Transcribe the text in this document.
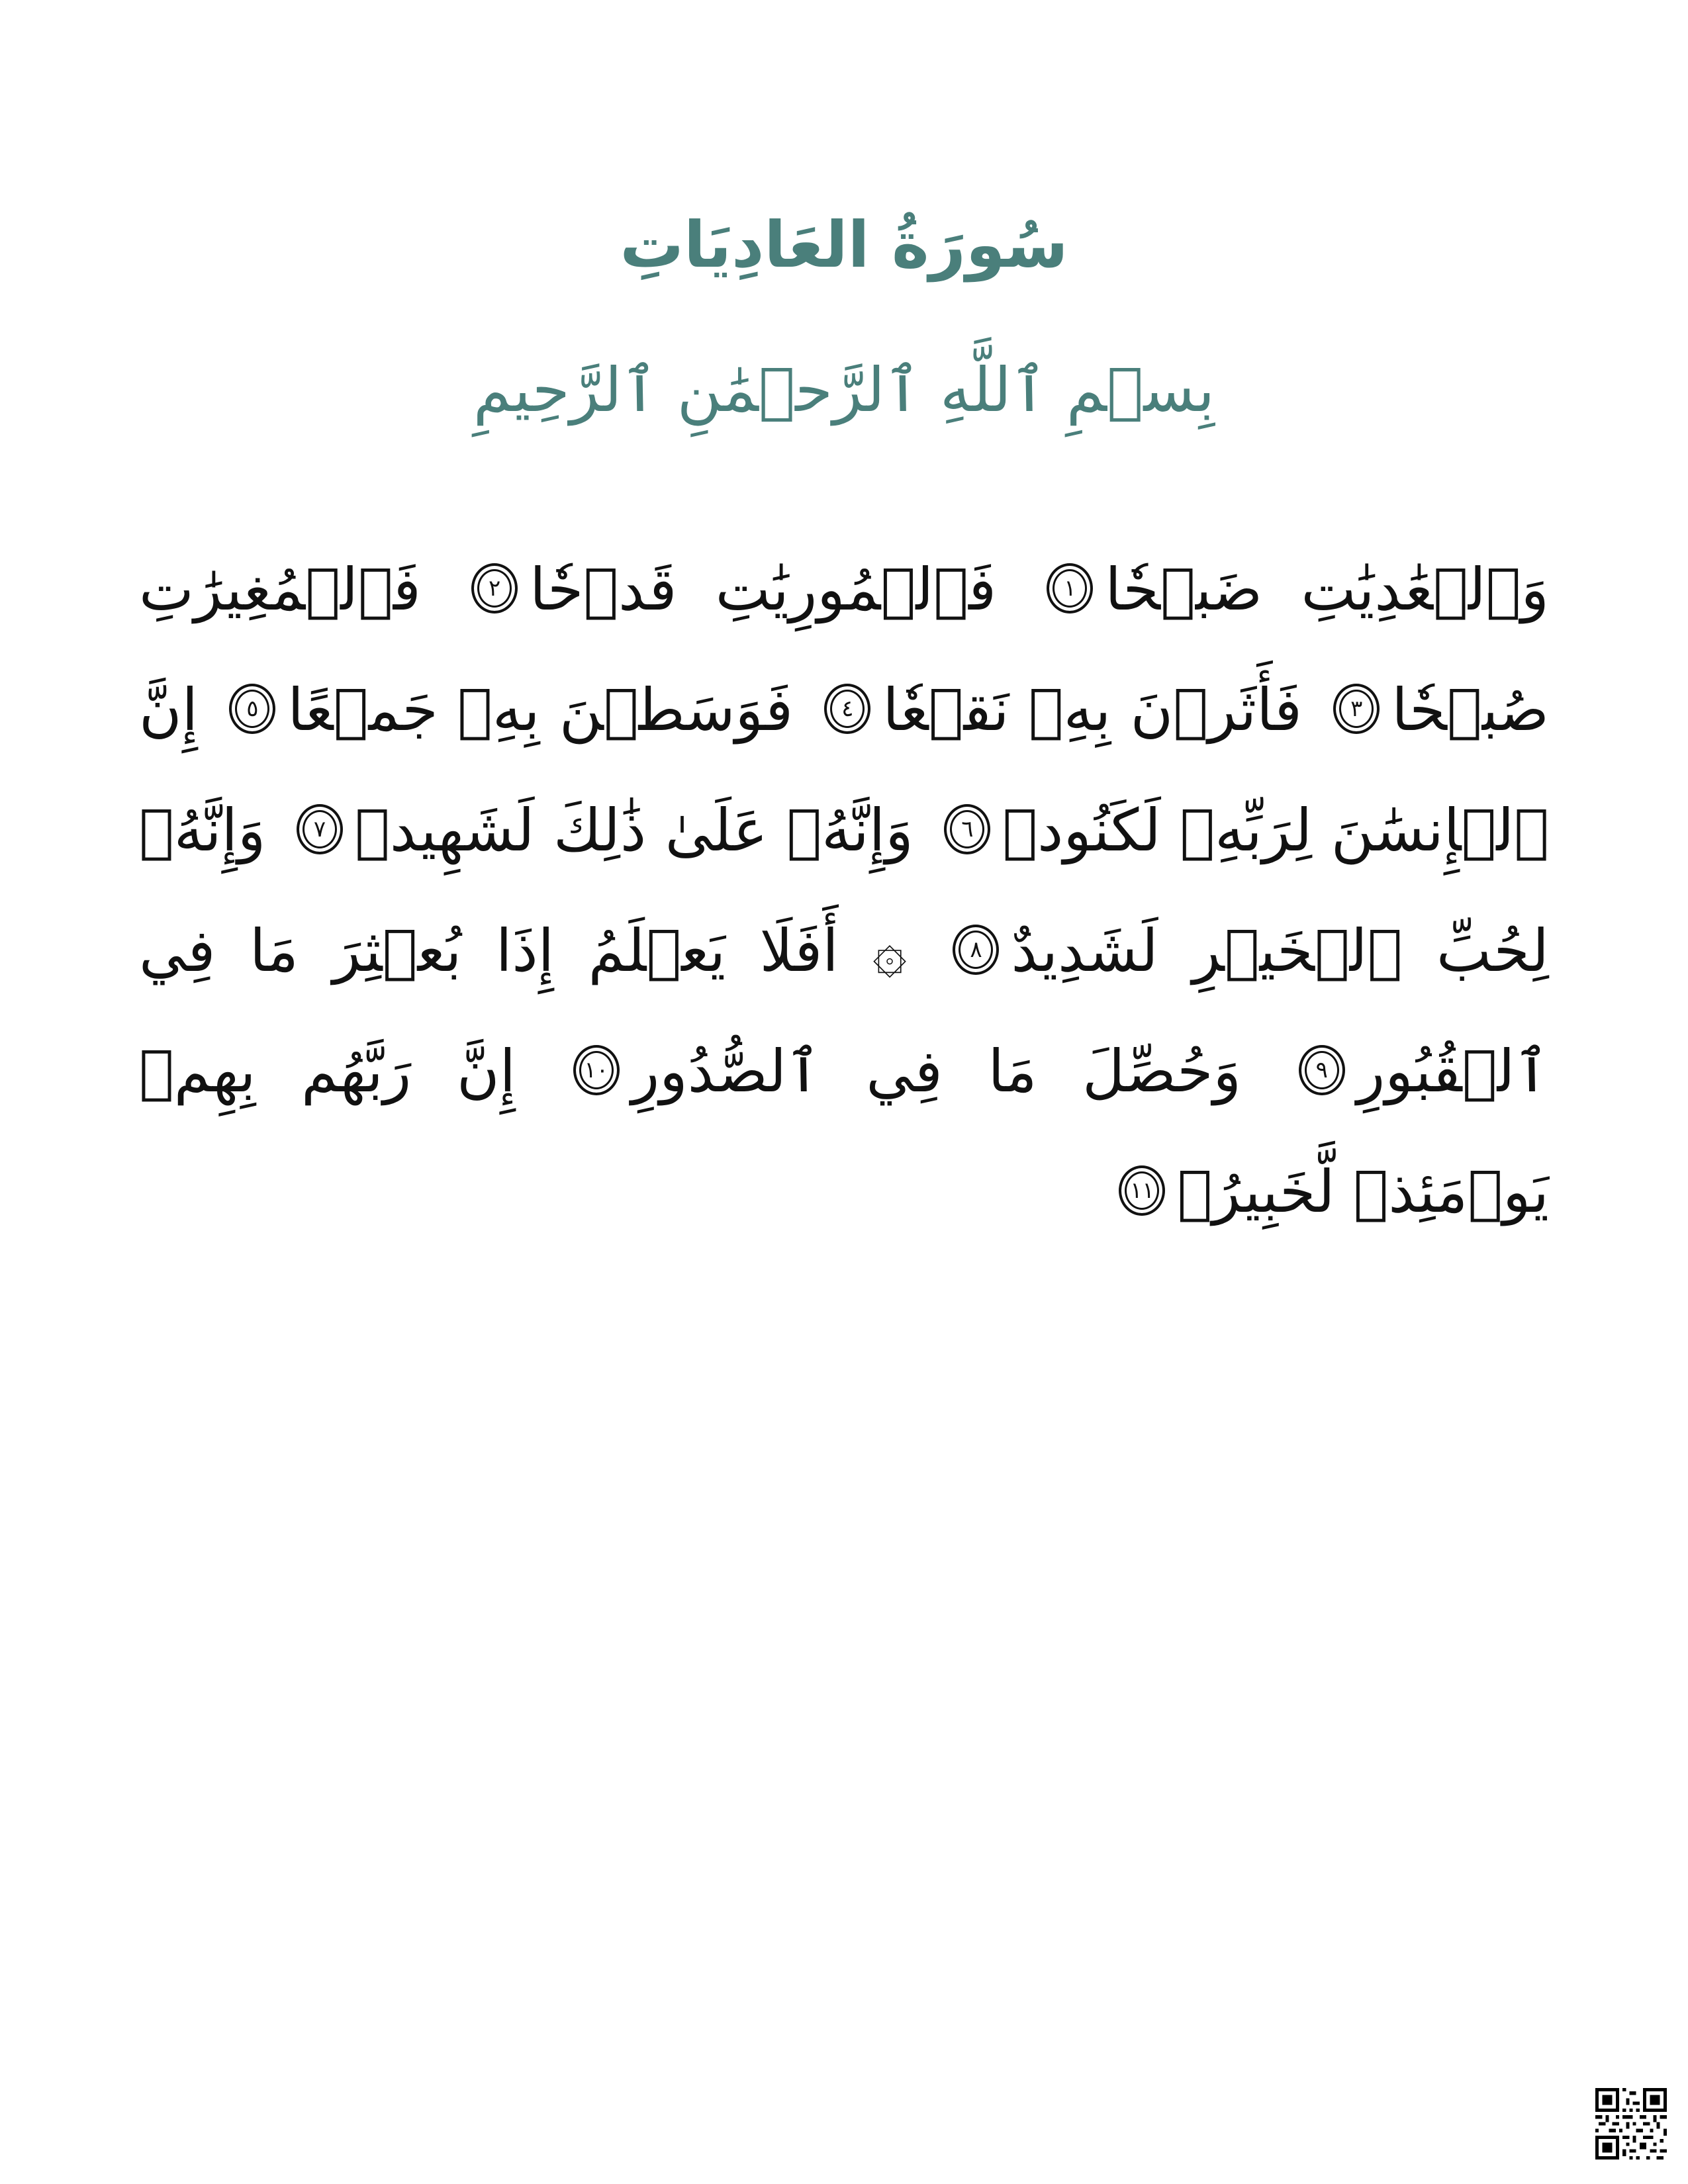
سُورَةُ العَادِيَاتِ
بِسۡمِ ٱللَّهِ ٱلرَّحۡمَٰنِ ٱلرَّحِيمِ
وَٱلۡعَٰدِيَٰتِ ضَبۡحٗا١ فَٱلۡمُورِيَٰتِ قَدۡحٗا٢ فَٱلۡمُغِيرَٰتِ صُبۡحٗا٣ فَأَثَرۡنَ بِهِۦ نَقۡعٗا٤ فَوَسَطۡنَ بِهِۦ جَمۡعًا٥ إِنَّ ٱلۡإِنسَٰنَ لِرَبِّهِۦ لَكَنُودٞ٦ وَإِنَّهُۥ عَلَىٰ ذَٰلِكَ لَشَهِيدٞ٧ وَإِنَّهُۥ لِحُبِّ ٱلۡخَيۡرِ لَشَدِيدٌ٨ ۞ أَفَلَا يَعۡلَمُ إِذَا بُعۡثِرَ مَا فِي ٱلۡقُبُورِ٩ وَحُصِّلَ مَا فِي ٱلصُّدُورِ١٠ إِنَّ رَبَّهُم بِهِمۡ يَوۡمَئِذٖ لَّخَبِيرُۢ١١
